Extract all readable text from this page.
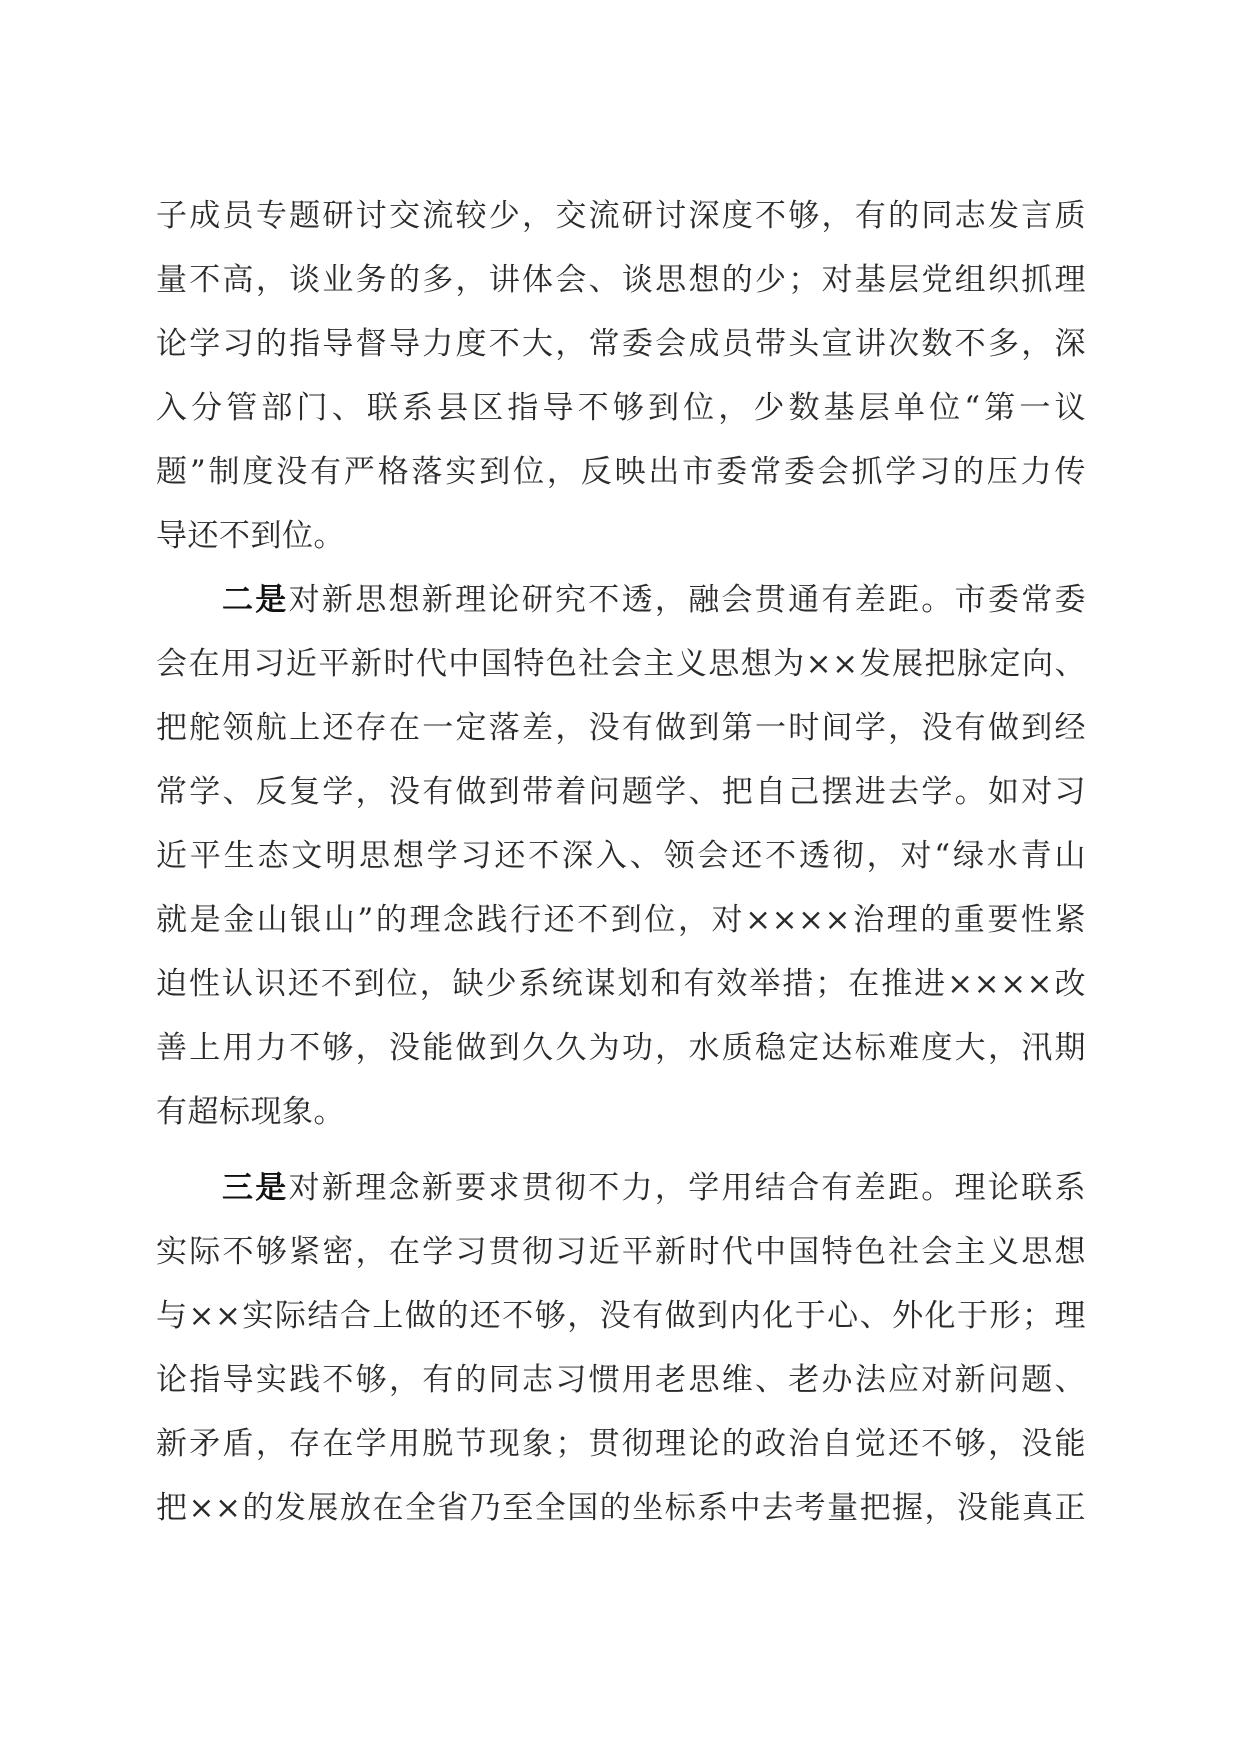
子成员专题研讨交流较少，交流研讨深度不够，有的同志发言质
量不高，谈业务的多，讲体会、谈思想的少；对基层党组织抓理
论学习的指导督导力度不大，常委会成员带头宣讲次数不多，深
入分管部门、联系县区指导不够到位，少数基层单位“第一议
题”制度没有严格落实到位，反映出市委常委会抓学习的压力传
导还不到位。
二是对新思想新理论研究不透，融会贯通有差距。市委常委
会在用习近平新时代中国特色社会主义思想为××发展把脉定向、
把舵领航上还存在一定落差，没有做到第一时间学，没有做到经
常学、反复学，没有做到带着问题学、把自己摆进去学。如对习
近平生态文明思想学习还不深入、领会还不透彻，对“绿水青山
就是金山银山”的理念践行还不到位，对××××治理的重要性紧
迫性认识还不到位，缺少系统谋划和有效举措；在推进××××改
善上用力不够，没能做到久久为功，水质稳定达标难度大，汛期
有超标现象。
三是对新理念新要求贯彻不力，学用结合有差距。理论联系
实际不够紧密，在学习贯彻习近平新时代中国特色社会主义思想
与××实际结合上做的还不够，没有做到内化于心、外化于形；理
论指导实践不够，有的同志习惯用老思维、老办法应对新问题、
新矛盾，存在学用脱节现象；贯彻理论的政治自觉还不够，没能
把××的发展放在全省乃至全国的坐标系中去考量把握，没能真正
